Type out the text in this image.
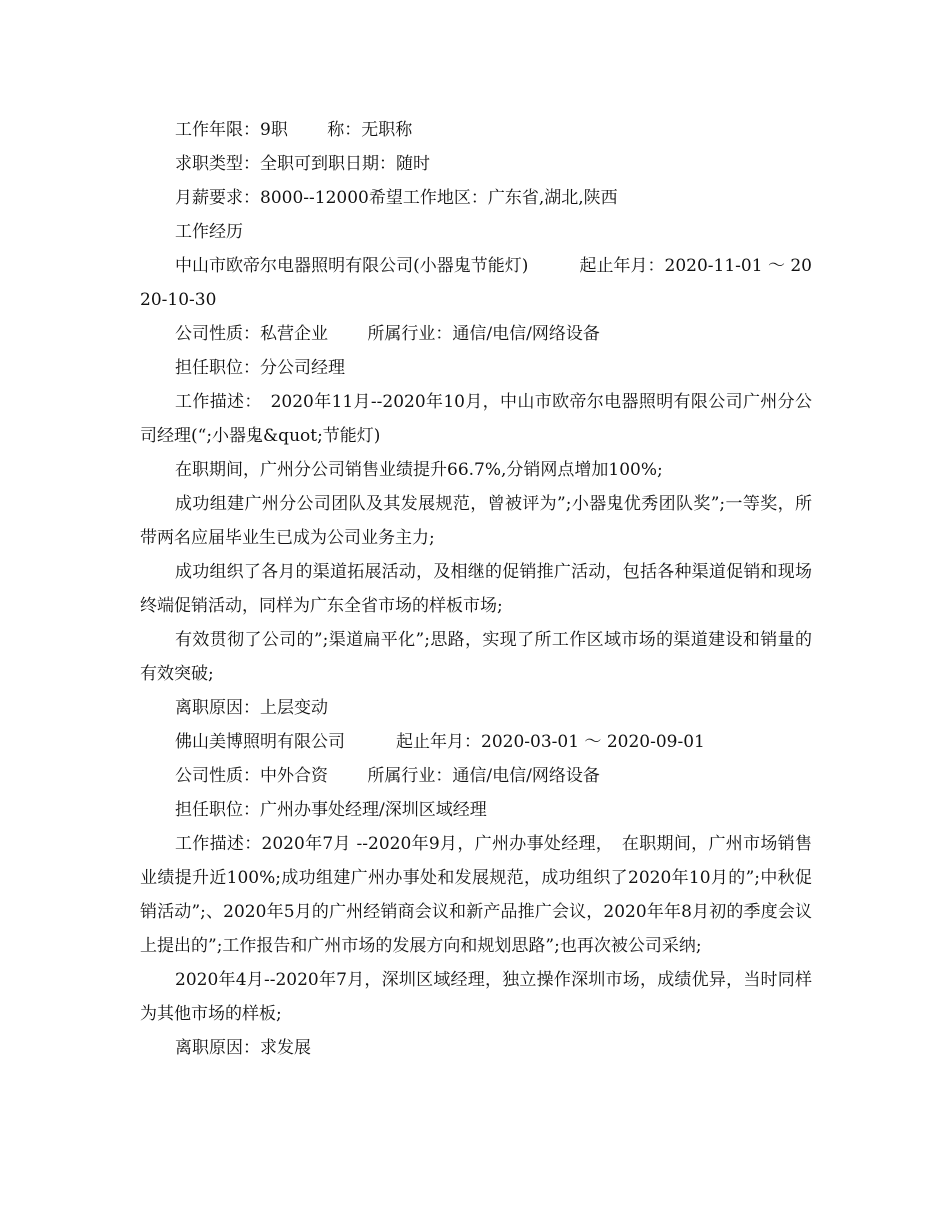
工作年限：9职　　 称：无职称

求职类型：全职可到职日期：随时

月薪要求：8000--12000希望工作地区：广东省,湖北,陕西

工作经历

中山市欧帝尔电器照明有限公司(小器鬼节能灯)　　　起止年月：2020-11-01 ～ 2020-10-30

公司性质：私营企业　　 所属行业：通信/电信/网络设备

担任职位：分公司经理

工作描述：　2020年11月--2020年10月，中山市欧帝尔电器照明有限公司广州分公司经理(“;小器鬼&quot;节能灯)

在职期间，广州分公司销售业绩提升66.7%,分销网点增加100%;

成功组建广州分公司团队及其发展规范，曾被评为”;小器鬼优秀团队奖”;一等奖，所带两名应届毕业生已成为公司业务主力;

成功组织了各月的渠道拓展活动，及相继的促销推广活动，包括各种渠道促销和现场终端促销活动，同样为广东全省市场的样板市场;

有效贯彻了公司的”;渠道扁平化”;思路，实现了所工作区域市场的渠道建设和销量的有效突破;

离职原因：上层变动

佛山美博照明有限公司　　　起止年月：2020-03-01 ～ 2020-09-01

公司性质：中外合资　　 所属行业：通信/电信/网络设备

担任职位：广州办事处经理/深圳区域经理

工作描述：2020年7月 --2020年9月，广州办事处经理，　在职期间，广州市场销售业绩提升近100%;成功组建广州办事处和发展规范，成功组织了2020年10月的”;中秋促销活动”;、2020年5月的广州经销商会议和新产品推广会议，2020年年8月初的季度会议上提出的”;工作报告和广州市场的发展方向和规划思路”;也再次被公司采纳;

2020年4月--2020年7月，深圳区域经理，独立操作深圳市场，成绩优异，当时同样为其他市场的样板;

离职原因：求发展
